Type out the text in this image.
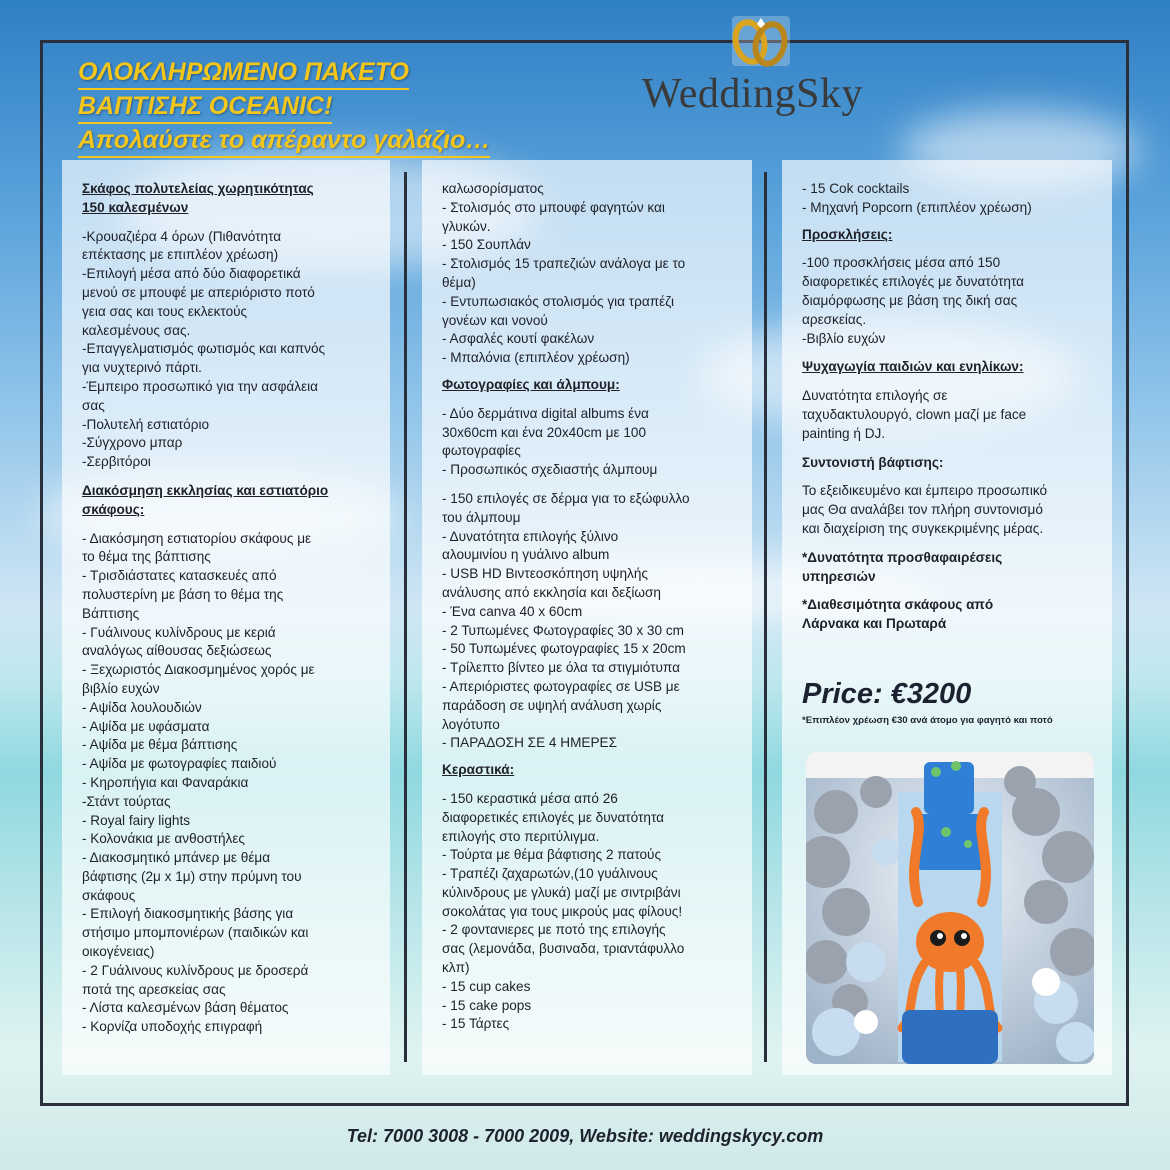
ΟΛΟΚΛΗΡΩΜΕΝΟ ΠΑΚΕΤΟ
ΒΑΠΤΙΣΗΣ OCEANIC!
Απολαύστε το απέραντο γαλάζιο…
WeddingSky
Σκάφος πολυτελείας χωρητικότητας
150 καλεσμένων
-Κρουαζιέρα 4 όρων (Πιθανότητα
επέκτασης με επιπλέον χρέωση)
-Επιλογή μέσα από δύο διαφορετικά
μενού σε μπουφέ με απεριόριστο ποτό
γεια σας και τους εκλεκτούς
καλεσμένους σας.
-Επαγγελματισμός φωτισμός και καπνός
για νυχτερινό πάρτι.
-Έμπειρο προσωπικό για την ασφάλεια
σας
-Πολυτελή εστιατόριο
-Σύγχρονο μπαρ
-Σερβιτόροι
Διακόσμηση εκκλησίας και εστιατόριο
σκάφους:
- Διακόσμηση εστιατορίου σκάφους με
το θέμα της βάπτισης
- Τρισδιάστατες κατασκευές από
πολυστερίνη με βάση το θέμα της
Βάπτισης
- Γυάλινους κυλίνδρους με κεριά
αναλόγως αίθουσας δεξιώσεως
- Ξεχωριστός Διακοσμημένος χορός με
βιβλίο ευχών
- Αψίδα λουλουδιών
- Αψίδα με υφάσματα
- Αψίδα με θέμα βάπτισης
- Αψίδα με φωτογραφίες παιδιού
- Κηροπήγια και Φαναράκια
-Στάντ τούρτας
- Royal fairy lights
- Κολονάκια με ανθοστήλες
- Διακοσμητικό μπάνερ με θέμα
βάφτισης (2μ x 1μ) στην πρύμνη του
σκάφους
- Επιλογή διακοσμητικής βάσης για
στήσιμο μπομπονιέρων (παιδικών και
οικογένειας)
- 2 Γυάλινους κυλίνδρους με δροσερά
ποτά της αρεσκείας σας
- Λίστα καλεσμένων βάση θέματος
- Κορνίζα υποδοχής επιγραφή
καλωσορίσματος
- Στολισμός στο μπουφέ φαγητών και
γλυκών.
- 150 Σουπλάν
- Στολισμός 15 τραπεζιών ανάλογα με το
θέμα)
- Εντυπωσιακός στολισμός για τραπέζι
γονέων και νονού
- Ασφαλές κουτί φακέλων
- Μπαλόνια (επιπλέον χρέωση)
Φωτογραφίες και άλμπουμ:
- Δύο δερμάτινα digital albums ένα
30x60cm και ένα 20x40cm με 100
φωτογραφίες
- Προσωπικός σχεδιαστής άλμπουμ
- 150 επιλογές σε δέρμα για το εξώφυλλο
του άλμπουμ
- Δυνατότητα επιλογής ξύλινο
αλουμινίου η γυάλινο album
- USB HD Βιντεοσκόπηση υψηλής
ανάλυσης από εκκλησία και δεξίωση
- Ένα canva 40 x 60cm
- 2 Τυπωμένες Φωτογραφίες 30 x 30 cm
- 50 Τυπωμένες φωτογραφίες 15 x 20cm
- Τρίλεπτο βίντεο με όλα τα στιγμιότυπα
- Απεριόριστες φωτογραφίες σε USB με
παράδοση σε υψηλή ανάλυση χωρίς
λογότυπο
- ΠΑΡΑΔΟΣΗ ΣΕ 4 ΗΜΕΡΕΣ
Κεραστικά:
- 150 κεραστικά μέσα από 26
διαφορετικές επιλογές με δυνατότητα
επιλογής στο περιτύλιγμα.
- Τούρτα με θέμα βάφτισης 2 πατούς
- Τραπέζι ζαχαρωτών,(10 γυάλινους
κύλινδρους με γλυκά) μαζί με σιντριβάνι
σοκολάτας για τους μικρούς μας φίλους!
- 2 φοντανιερες με ποτό της επιλογής
σας (λεμονάδα, βυσιναδα, τριαντάφυλλο
κλπ)
- 15 cup cakes
- 15 cake pops
- 15 Τάρτες
- 15 Cok cocktails
- Μηχανή Popcorn (επιπλέον χρέωση)
Προσκλήσεις:
-100 προσκλήσεις μέσα από 150
διαφορετικές επιλογές με δυνατότητα
διαμόρφωσης με βάση της δική σας
αρεσκείας.
-Βιβλίο ευχών
Ψυχαγωγία παιδιών και ενηλίκων:
Δυνατότητα επιλογής σε
ταχυδακτυλουργό, clown μαζί με face
painting ή DJ.
Συντονιστή βάφτισης:
Το εξειδικευμένο και έμπειρο προσωπικό
μας Θα αναλάβει τον πλήρη συντονισμό
και διαχείριση της συγκεκριμένης μέρας.
*Δυνατότητα προσθαφαιρέσεις
υπηρεσιών
*Διαθεσιμότητα σκάφους από
Λάρνακα και Πρωταρά
Price: €3200
*Επιπλέον χρέωση €30 ανά άτομο για φαγητό και ποτό
Tel: 7000 3008 - 7000 2009, Website: weddingskycy.com
